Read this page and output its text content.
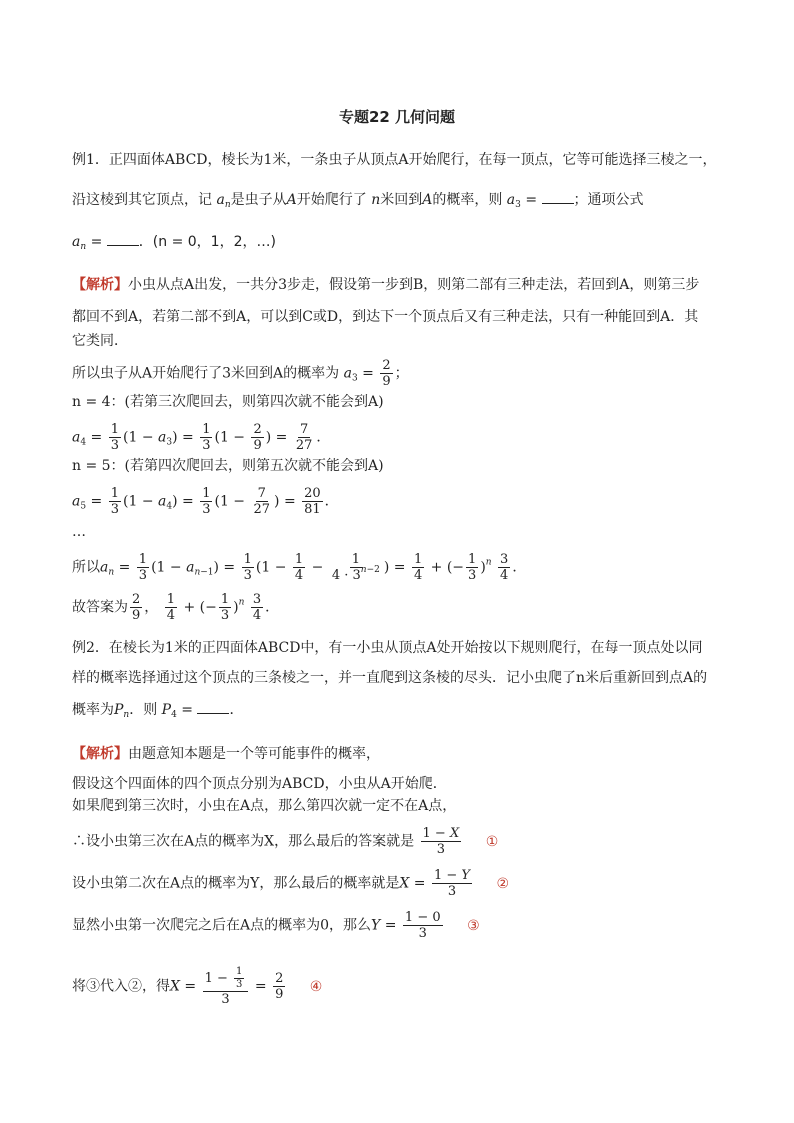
专题22 几何问题
例1．正四面体ABCD，棱长为1米，一条虫子从顶点A开始爬行，在每一顶点，它等可能选择三棱之一，
沿这棱到其它顶点，记 $a_n$是虫子从A开始爬行了 n米回到A的概率，则 $a_3$ = ；通项公式
$a_n$ = ．(n = 0，1，2，…)
【解析】小虫从点A出发，一共分3步走，假设第一步到B，则第二部有三种走法，若回到A，则第三步
都回不到A，若第二部不到A，可以到C或D，到达下一个顶点后又有三种走法，只有一种能回到A．其
它类同．
所以虫子从A开始爬行了3米回到A的概率为 $a_3 = \frac{2}{9}$ ；
n = 4：(若第三次爬回去，则第四次就不能会到A)
$a_4 = \frac{1}{3} (1 - a_3) = \frac{1}{3} (1 - \frac{2}{9}$ ) = $\frac{7}{27}$ ．
n = 5：(若第四次爬回去，则第五次就不能会到A)
$a_5 = \frac{1}{3} (1 - a_4) = \frac{1}{3} (1 - \frac{7}{27}$ ) = $\frac{20}{81}$ ．
…
所以$a_n = \frac{1}{3} (1 - a_{n-1}) = \frac{1}{3} (1 - \frac{1}{4} - \frac{1}{4 \cdot 3^{n-2}}$ ) = $\frac{1}{4}$ + (− $\frac{1}{3} )^n \frac{3}{4}$ ．
故答案为 $\frac{2}{9}$ ， $\frac{1}{4}$ + (− $\frac{1}{3} )^n \frac{3}{4}$ ．
例2．在棱长为1米的正四面体ABCD中，有一小虫从顶点A处开始按以下规则爬行，在每一顶点处以同
样的概率选择通过这个顶点的三条棱之一，并一直爬到这条棱的尽头．记小虫爬了n米后重新回到点A的
概率为$P_n$．则 $P_4$ = ．
【解析】由题意知本题是一个等可能事件的概率，
假设这个四面体的四个顶点分别为ABCD，小虫从A开始爬．
如果爬到第三次时，小虫在A点，那么第四次就一定不在A点，
∴设小虫第三次在A点的概率为X，那么最后的答案就是 $\frac{1 - X}{3}$ ①
设小虫第二次在A点的概率为Y，那么最后的概率就是$X = \frac{1 - Y}{3}$ ②
显然小虫第一次爬完之后在A点的概率为0，那么$Y = \frac{1 - 0}{3}$ ③
将③代入②，得$X = \frac{1 - \frac{1}{3}}{3} = \frac{2}{9}$ ④
